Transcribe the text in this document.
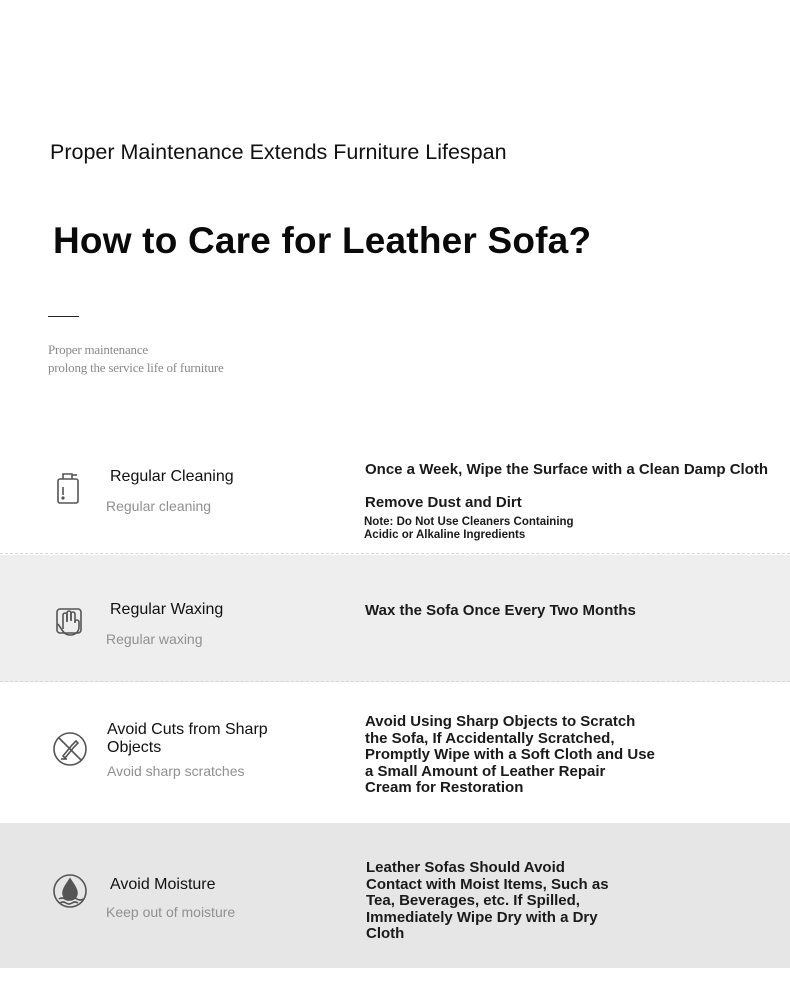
Proper Maintenance Extends Furniture Lifespan
How to Care for Leather Sofa?
Proper maintenance
prolong the service life of furniture
Regular Cleaning
Regular cleaning
Once a Week, Wipe the Surface with a Clean Damp Cloth
Remove Dust and Dirt
Note: Do Not Use Cleaners Containing Acidic or Alkaline Ingredients
Regular Waxing
Regular waxing
Wax the Sofa Once Every Two Months
Avoid Cuts from Sharp Objects
Avoid sharp scratches
Avoid Using Sharp Objects to Scratch the Sofa, If Accidentally Scratched, Promptly Wipe with a Soft Cloth and Use a Small Amount of Leather Repair Cream for Restoration
Avoid Moisture
Keep out of moisture
Leather Sofas Should Avoid Contact with Moist Items, Such as Tea, Beverages, etc. If Spilled, Immediately Wipe Dry with a Dry Cloth
